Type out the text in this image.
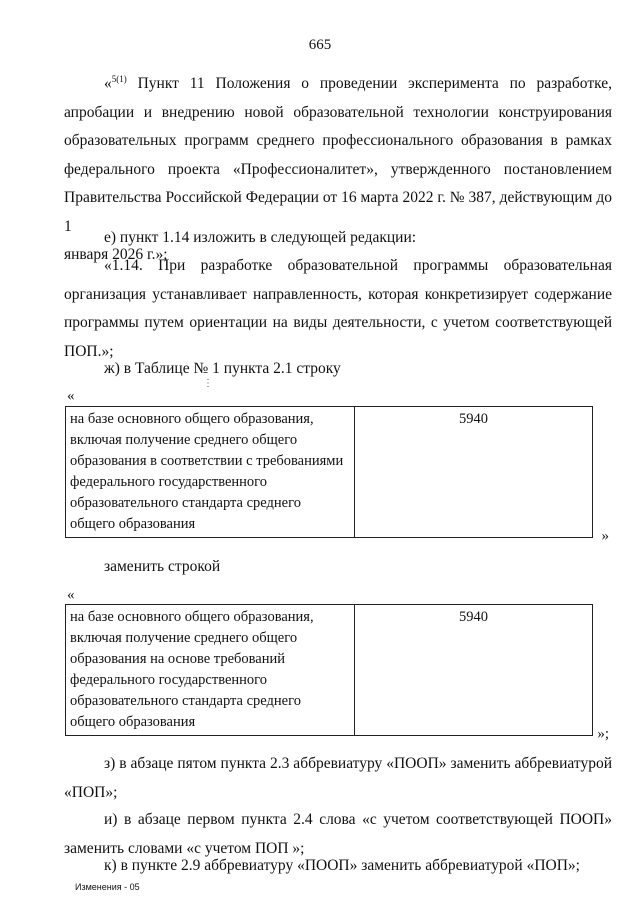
665
«$^{5(1)}$ Пункт 11 Положения о проведении эксперимента по разработке,
апробации и внедрению новой образовательной технологии конструирования
образовательных программ среднего профессионального образования в рамках
федерального проекта «Профессионалитет», утвержденного постановлением
Правительства Российской Федерации от 16 марта 2022 г. № 387, действующим до 1
января 2026 г.»;
е) пункт 1.14 изложить в следующей редакции:
«1.14. При разработке образовательной программы образовательная
организация устанавливает направленность, которая конкретизирует содержание
программы путем ориентации на виды деятельности, с учетом соответствующей
ПОП.»;
ж) в Таблице № 1 пункта 2.1 строку
«
⋮
на базе основного общего образования,
включая получение среднего общего
образования в соответствии с требованиями
федерального государственного
образовательного стандарта среднего
общего образования
	5940
»
заменить строкой
«
на базе основного общего образования,
включая получение среднего общего
образования на основе требований
федерального государственного
образовательного стандарта среднего
общего образования
	5940
»;
з) в абзаце пятом пункта 2.3 аббревиатуру «ПООП» заменить аббревиатурой
«ПОП»;
и) в абзаце первом пункта 2.4 слова «с учетом соответствующей ПООП»
заменить словами «с учетом ПОП »;
к) в пункте 2.9 аббревиатуру «ПООП» заменить аббревиатурой «ПОП»;
Изменения - 05
